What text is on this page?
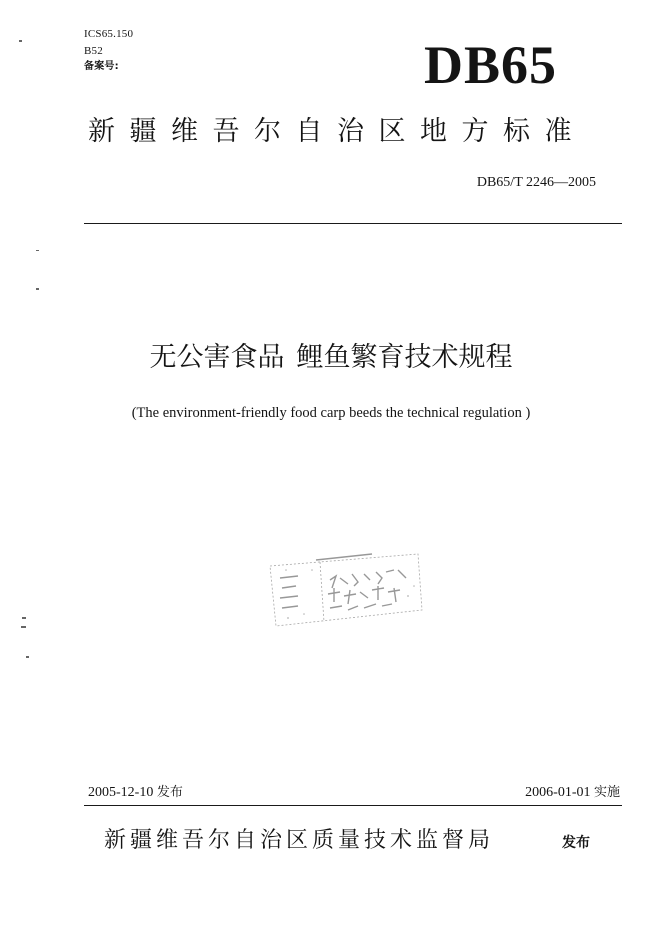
ICS65.150
B52
备案号:	DB65
新疆维吾尔自治区地方标准
DB65/T 2246—2005
无公害食品 鲤鱼繁育技术规程
(The environment-friendly food carp beeds the technical regulation )
2005-12-10 发布	2006-01-01 实施
新疆维吾尔自治区质量技术监督局	发布
